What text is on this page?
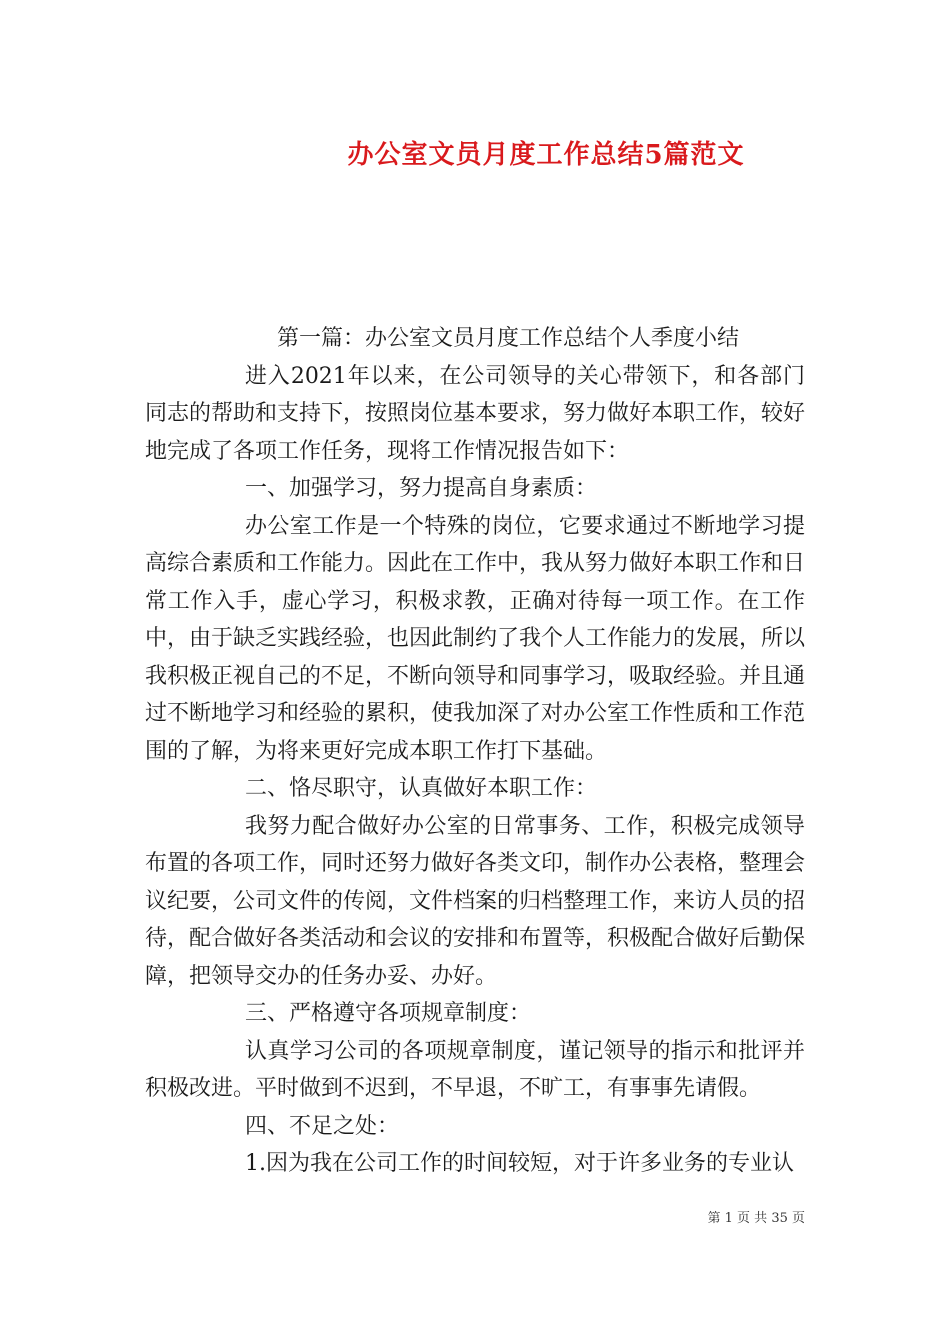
办公室文员月度工作总结5篇范文

第一篇：办公室文员月度工作总结个人季度小结

进入2021年以来，在公司领导的关心带领下，和各部门同志的帮助和支持下，按照岗位基本要求，努力做好本职工作，较好地完成了各项工作任务，现将工作情况报告如下：

一、加强学习，努力提高自身素质：

办公室工作是一个特殊的岗位，它要求通过不断地学习提高综合素质和工作能力。因此在工作中，我从努力做好本职工作和日常工作入手，虚心学习，积极求教，正确对待每一项工作。在工作中，由于缺乏实践经验，也因此制约了我个人工作能力的发展，所以我积极正视自己的不足，不断向领导和同事学习，吸取经验。并且通过不断地学习和经验的累积，使我加深了对办公室工作性质和工作范围的了解，为将来更好完成本职工作打下基础。

二、恪尽职守，认真做好本职工作：

我努力配合做好办公室的日常事务、工作，积极完成领导布置的各项工作，同时还努力做好各类文印，制作办公表格，整理会议纪要，公司文件的传阅，文件档案的归档整理工作，来访人员的招待，配合做好各类活动和会议的安排和布置等，积极配合做好后勤保障，把领导交办的任务办妥、办好。

三、严格遵守各项规章制度：

认真学习公司的各项规章制度，谨记领导的指示和批评并积极改进。平时做到不迟到，不早退，不旷工，有事事先请假。

四、不足之处：

1.因为我在公司工作的时间较短，对于许多业务的专业认

第 1 页 共 35 页
